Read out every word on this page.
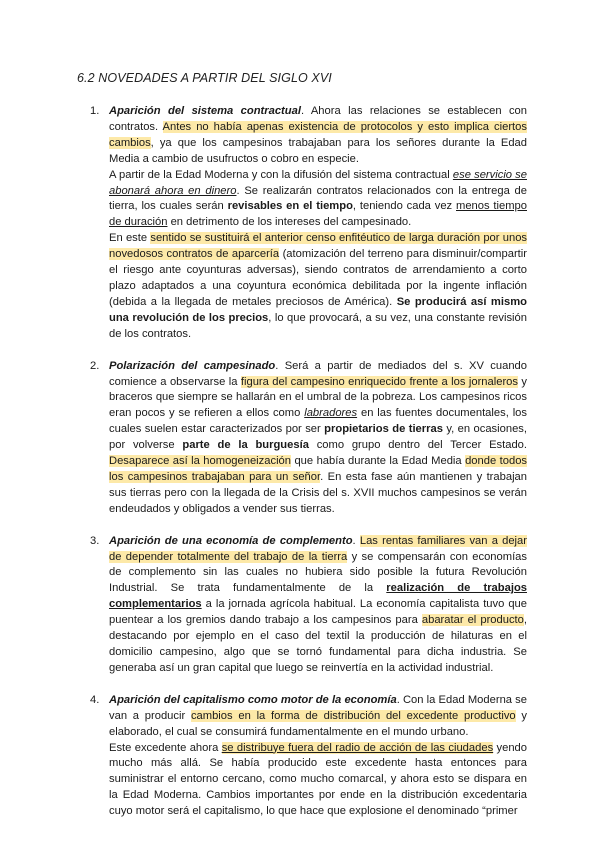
6.2 NOVEDADES A PARTIR DEL SIGLO XVI
1. Aparición del sistema contractual. Ahora las relaciones se establecen con contratos. Antes no había apenas existencia de protocolos y esto implica ciertos cambios, ya que los campesinos trabajaban para los señores durante la Edad Media a cambio de usufructos o cobro en especie.

A partir de la Edad Moderna y con la difusión del sistema contractual ese servicio se abonará ahora en dinero. Se realizarán contratos relacionados con la entrega de tierra, los cuales serán revisables en el tiempo, teniendo cada vez menos tiempo de duración en detrimento de los intereses del campesinado.

En este sentido se sustituirá el anterior censo enfitéutico de larga duración por unos novedosos contratos de aparcería (atomización del terreno para disminuir/compartir el riesgo ante coyunturas adversas), siendo contratos de arrendamiento a corto plazo adaptados a una coyuntura económica debilitada por la ingente inflación (debida a la llegada de metales preciosos de América). Se producirá así mismo una revolución de los precios, lo que provocará, a su vez, una constante revisión de los contratos.

2. Polarización del campesinado. Será a partir de mediados del s. XV cuando comience a observarse la figura del campesino enriquecido frente a los jornaleros y braceros que siempre se hallarán en el umbral de la pobreza. Los campesinos ricos eran pocos y se refieren a ellos como labradores en las fuentes documentales, los cuales suelen estar caracterizados por ser propietarios de tierras y, en ocasiones, por volverse parte de la burguesía como grupo dentro del Tercer Estado. Desaparece así la homogeneización que había durante la Edad Media donde todos los campesinos trabajaban para un señor. En esta fase aún mantienen y trabajan sus tierras pero con la llegada de la Crisis del s. XVII muchos campesinos se verán endeudados y obligados a vender sus tierras.

3. Aparición de una economía de complemento. Las rentas familiares van a dejar de depender totalmente del trabajo de la tierra y se compensarán con economías de complemento sin las cuales no hubiera sido posible la futura Revolución Industrial. Se trata fundamentalmente de la realización de trabajos complementarios a la jornada agrícola habitual. La economía capitalista tuvo que puentear a los gremios dando trabajo a los campesinos para abaratar el producto, destacando por ejemplo en el caso del textil la producción de hilaturas en el domicilio campesino, algo que se tornó fundamental para dicha industria. Se generaba así un gran capital que luego se reinvertía en la actividad industrial.

4. Aparición del capitalismo como motor de la economía. Con la Edad Moderna se van a producir cambios en la forma de distribución del excedente productivo y elaborado, el cual se consumirá fundamentalmente en el mundo urbano.

Este excedente ahora se distribuye fuera del radio de acción de las ciudades yendo mucho más allá. Se había producido este excedente hasta entonces para suministrar el entorno cercano, como mucho comarcal, y ahora esto se dispara en la Edad Moderna. Cambios importantes por ende en la distribución excedentaria cuyo motor será el capitalismo, lo que hace que explosione el denominado “primer
